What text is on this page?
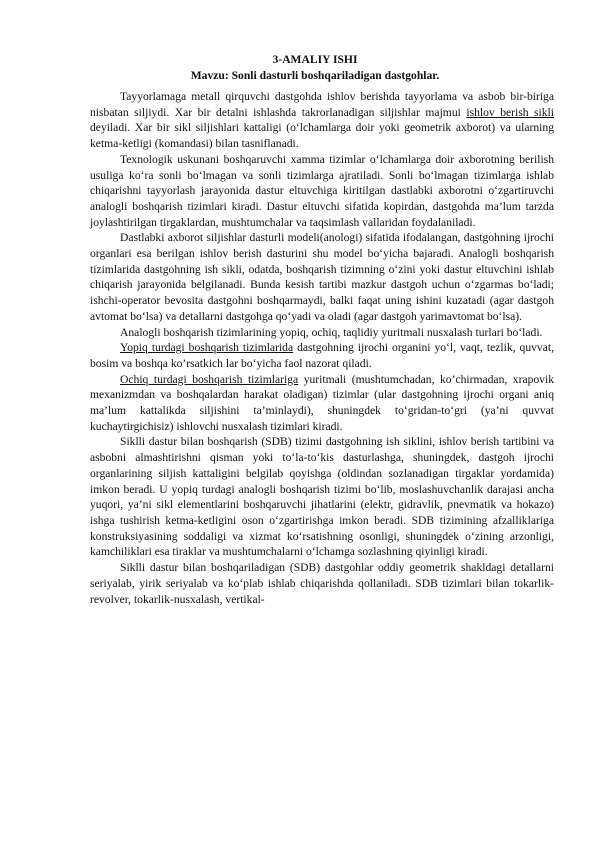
3-AMALIY ISHI
Mavzu: Sonli dasturli boshqariladigan dastgohlar.

Tayyorlamaga metall qirquvchi dastgohda ishlov berishda tayyorlama va asbob bir-biriga nisbatan siljiydi. Xar bir detalni ishlashda takrorlanadigan siljishlar majmui ishlov berish sikli deyiladi. Xar bir sikl siljishlari kattaligi (o‘lchamlarga doir yoki geometrik axborot) va ularning ketma-ketligi (komandasi) bilan tasniflanadi.

Texnologik uskunani boshqaruvchi xamma tizimlar o‘lchamlarga doir axborotning berilish usuliga ko‘ra sonli bo‘lmagan va sonli tizimlarga ajratiladi. Sonli bo‘lmagan tizimlarga ishlab chiqarishni tayyorlash jarayonida dastur eltuvchiga kiritilgan dastlabki axborotni o‘zgartiruvchi analogli boshqarish tizimlari kiradi. Dastur eltuvchi sifatida kopirdan, dastgohda ma’lum tarzda joylashtirilgan tirgaklardan, mushtumchalar va taqsimlash vallaridan foydalaniladi.

Dastlabki axborot siljishlar dasturli modeli(anologi) sifatida ifodalangan, dastgohning ijrochi organlari esa berilgan ishlov berish dasturini shu model bo‘yicha bajaradi. Analogli boshqarish tizimlarida dastgohning ish sikli, odatda, boshqarish tizimning o‘zini yoki dastur eltuvchini ishlab chiqarish jarayonida belgilanadi. Bunda kesish tartibi mazkur dastgoh uchun o‘zgarmas bo‘ladi; ishchi-operator bevosita dastgohni boshqarmaydi, balki faqat uning ishini kuzatadi (agar dastgoh avtomat bo‘lsa) va detallarni dastgohga qo‘yadi va oladi (agar dastgoh yarimavtomat bo‘lsa).

Analogli boshqarish tizimlarining yopiq, ochiq, taqlidiy yuritmali nusxalash turlari bo‘ladi.

Yopiq turdagi boshqarish tizimlarida dastgohning ijrochi organini yo‘l, vaqt, tezlik, quvvat, bosim va boshqa ko’rsatkich lar bo‘yicha faol nazorat qiladi.

Ochiq turdagi boshqarish tizimlariga yuritmali (mushtumchadan, ko’chirmadan, xrapovik mexanizmdan va boshqalardan harakat oladigan) tizimlar (ular dastgohning ijrochi organi aniq ma’lum kattalikda siljishini ta’minlaydi), shuningdek to‘gridan-to‘gri (ya’ni quvvat kuchaytirgichisiz) ishlovchi nusxalash tizimlari kiradi.

Siklli dastur bilan boshqarish (SDB) tizimi dastgohning ish siklini, ishlov berish tartibini va asbobni almashtirishni qisman yoki to‘la-to‘kis dasturlashga, shuningdek, dastgoh ijrochi organlarining siljish kattaligini belgilab qoyishga (oldindan sozlanadigan tirgaklar yordamida) imkon beradi. U yopiq turdagi analogli boshqarish tizimi bo‘lib, moslashuvchanlik darajasi ancha yuqori, ya’ni sikl elementlarini boshqaruvchi jihatlarini (elektr, gidravlik, pnevmatik va hokazo) ishga tushirish ketma-ketligini oson o‘zgartirishga imkon beradi. SDB tizimining afzalliklariga konstruksiyasining soddaligi va xizmat ko‘rsatishning osonligi, shuningdek o‘zining arzonligi, kamchiliklari esa tiraklar va mushtumchalarni o‘lchamga sozlashning qiyinligi kiradi.

Siklli dastur bilan boshqariladigan (SDB) dastgohlar oddiy geometrik shakldagi detallarni seriyalab, yirik seriyalab va ko‘plab ishlab chiqarishda qollaniladi. SDB tizimlari bilan tokarlik-revolver, tokarlik-nusxalash, vertikal-
